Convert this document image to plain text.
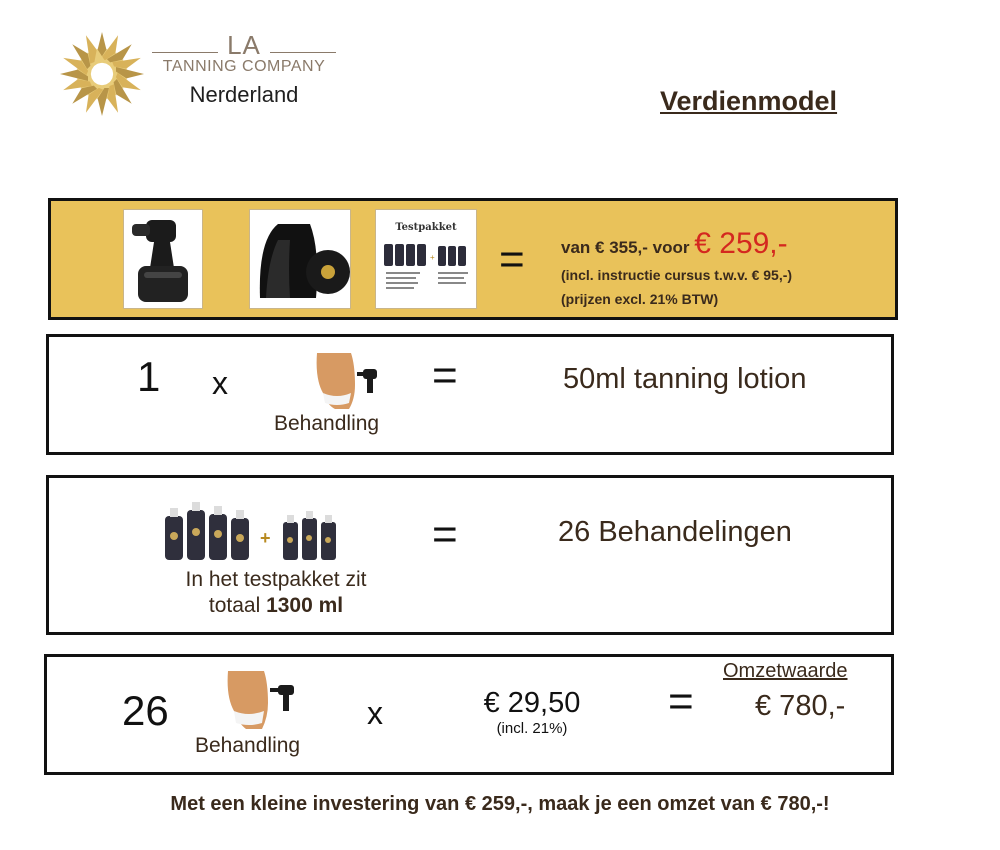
LA
TANNING COMPANY
Nerderland	Verdienmodel
Testpakket
+ = van € 355,- voor € 259,-
(incl. instructie cursus t.w.v. € 95,-)
(prijzen excl. 21% BTW)
1 x
Behandling
=	50ml tanning lotion
+
In het testpakket zit
totaal 1300 ml
=	26 Behandelingen
26
Behandling
x	€ 29,50
(incl. 21%)
=
Omzetwaarde
€ 780,-
Met een kleine investering van € 259,-, maak je een omzet van € 780,-!
